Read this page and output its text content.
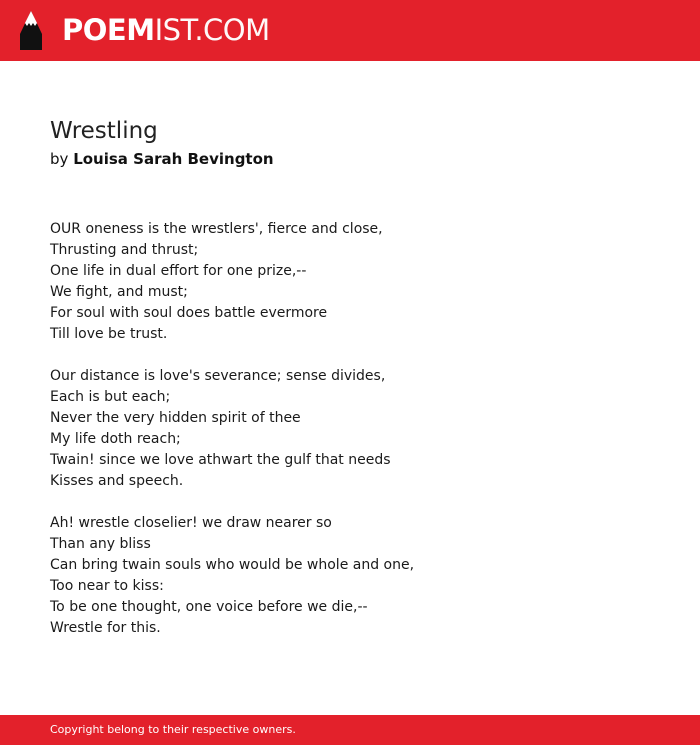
POEMIST.COM
Wrestling
by Louisa Sarah Bevington
OUR oneness is the wrestlers', fierce and close,
Thrusting and thrust;
One life in dual effort for one prize,--
We fight, and must;
For soul with soul does battle evermore
Till love be trust.
Our distance is love's severance; sense divides,
Each is but each;
Never the very hidden spirit of thee
My life doth reach;
Twain! since we love athwart the gulf that needs
Kisses and speech.
Ah! wrestle closelier! we draw nearer so
Than any bliss
Can bring twain souls who would be whole and one,
Too near to kiss:
To be one thought, one voice before we die,--
Wrestle for this.
Copyright belong to their respective owners.
